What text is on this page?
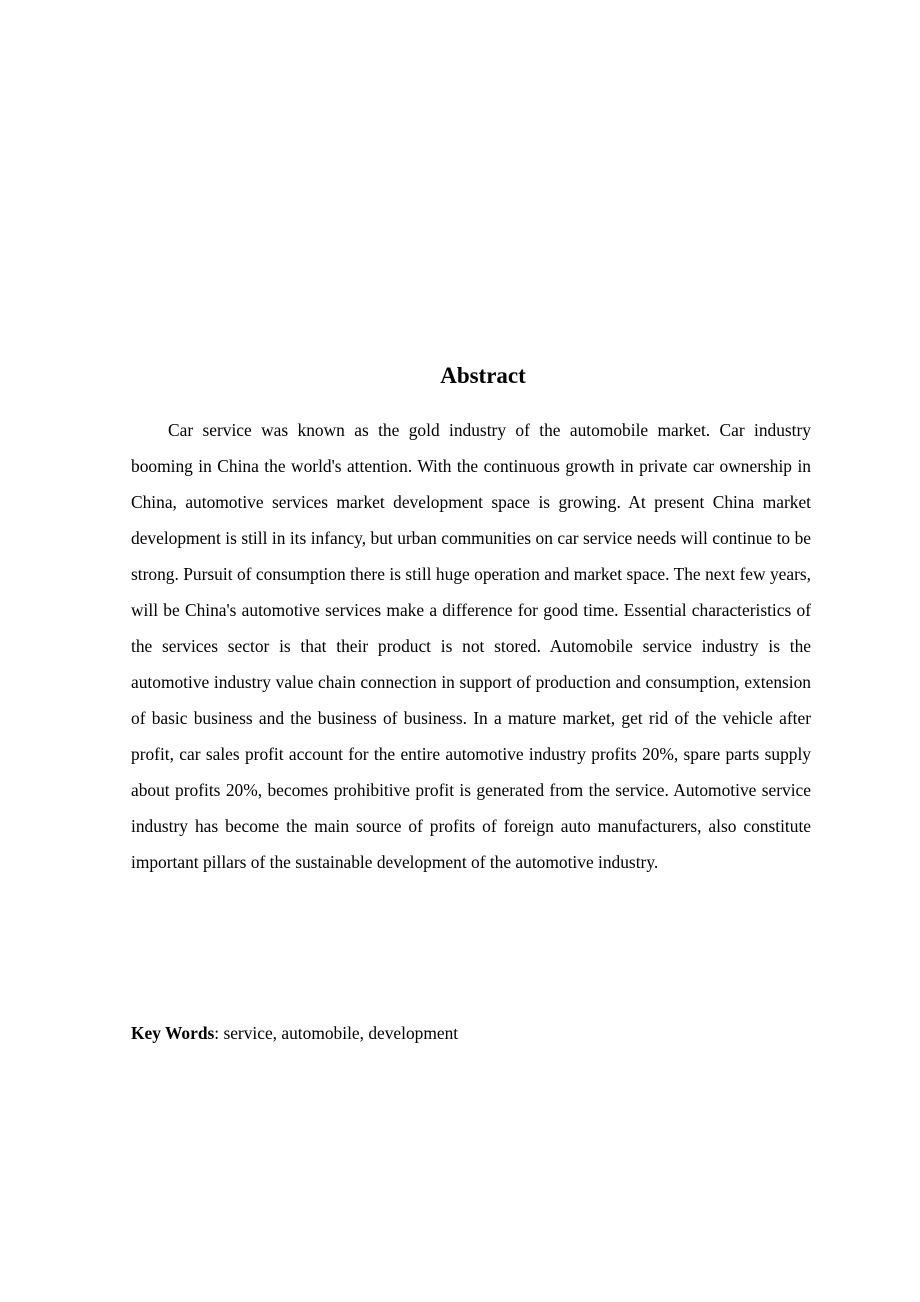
Abstract

Car service was known as the gold industry of the automobile market. Car industry booming in China the world's attention. With the continuous growth in private car ownership in China, automotive services market development space is growing. At present China market development is still in its infancy, but urban communities on car service needs will continue to be strong. Pursuit of consumption there is still huge operation and market space. The next few years, will be China's automotive services make a difference for good time. Essential characteristics of the services sector is that their product is not stored. Automobile service industry is the automotive industry value chain connection in support of production and consumption, extension of basic business and the business of business. In a mature market, get rid of the vehicle after profit, car sales profit account for the entire automotive industry profits 20%, spare parts supply about profits 20%, becomes prohibitive profit is generated from the service. Automotive service industry has become the main source of profits of foreign auto manufacturers, also constitute important pillars of the sustainable development of the automotive industry.

Key Words: service, automobile, development
